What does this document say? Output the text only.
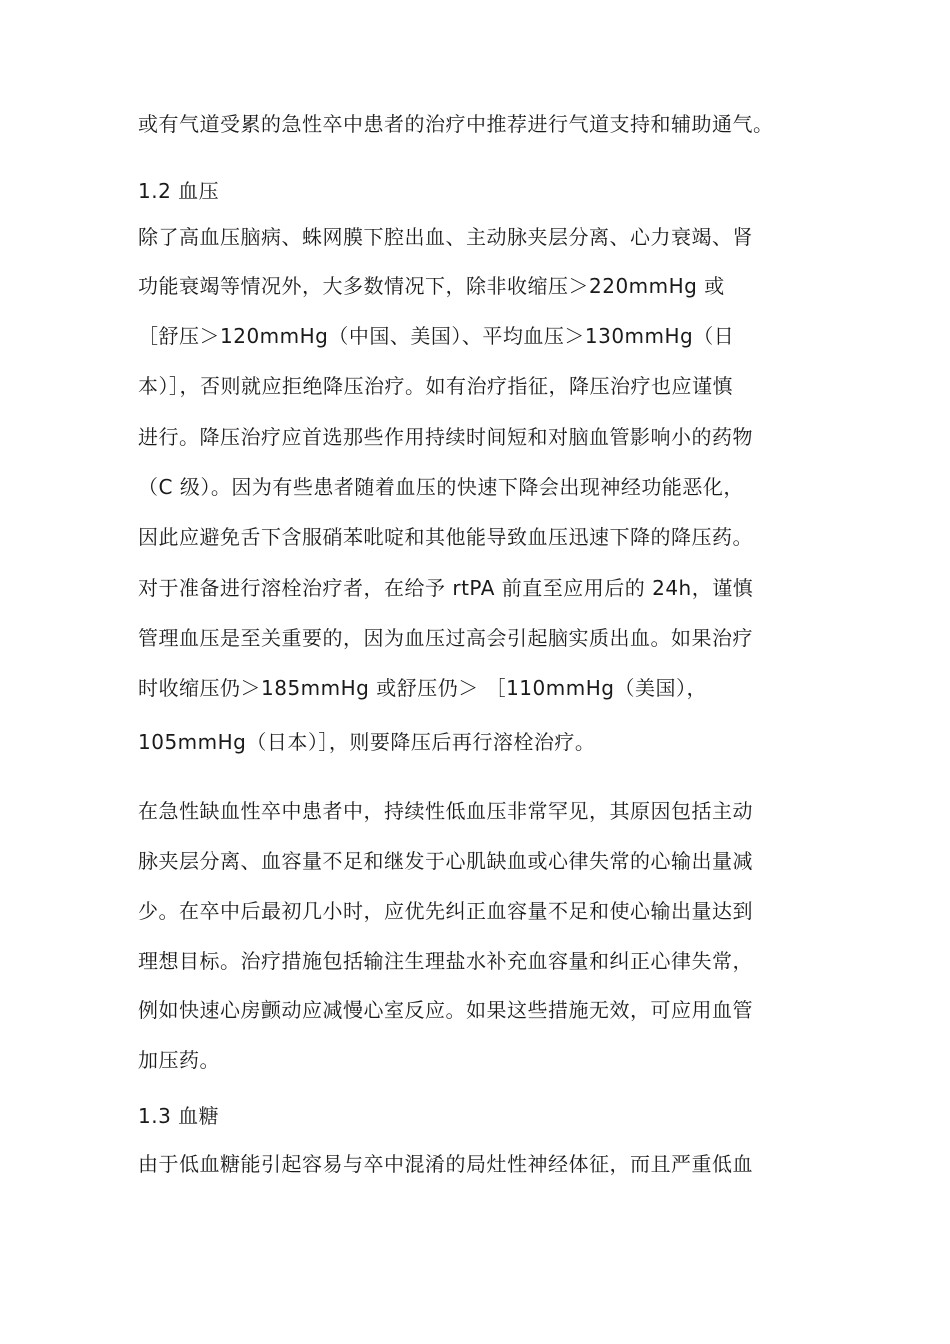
或有气道受累的急性卒中患者的治疗中推荐进行气道支持和辅助通气。
1.2 血压
除了高血压脑病、蛛网膜下腔出血、主动脉夹层分离、心力衰竭、肾
功能衰竭等情况外，大多数情况下，除非收缩压＞220mmHg 或
［舒压＞120mmHg（中国、美国）、平均血压＞130mmHg（日
本）］，否则就应拒绝降压治疗。如有治疗指征，降压治疗也应谨慎
进行。降压治疗应首选那些作用持续时间短和对脑血管影响小的药物
（C 级）。因为有些患者随着血压的快速下降会出现神经功能恶化，
因此应避免舌下含服硝苯吡啶和其他能导致血压迅速下降的降压药。
对于准备进行溶栓治疗者，在给予 rtPA 前直至应用后的 24h，谨慎
管理血压是至关重要的，因为血压过高会引起脑实质出血。如果治疗
时收缩压仍＞185mmHg 或舒压仍＞ ［110mmHg（美国），
105mmHg（日本）］，则要降压后再行溶栓治疗。
在急性缺血性卒中患者中，持续性低血压非常罕见，其原因包括主动
脉夹层分离、血容量不足和继发于心肌缺血或心律失常的心输出量减
少。在卒中后最初几小时，应优先纠正血容量不足和使心输出量达到
理想目标。治疗措施包括输注生理盐水补充血容量和纠正心律失常，
例如快速心房颤动应减慢心室反应。如果这些措施无效，可应用血管
加压药。
1.3 血糖
由于低血糖能引起容易与卒中混淆的局灶性神经体征，而且严重低血
